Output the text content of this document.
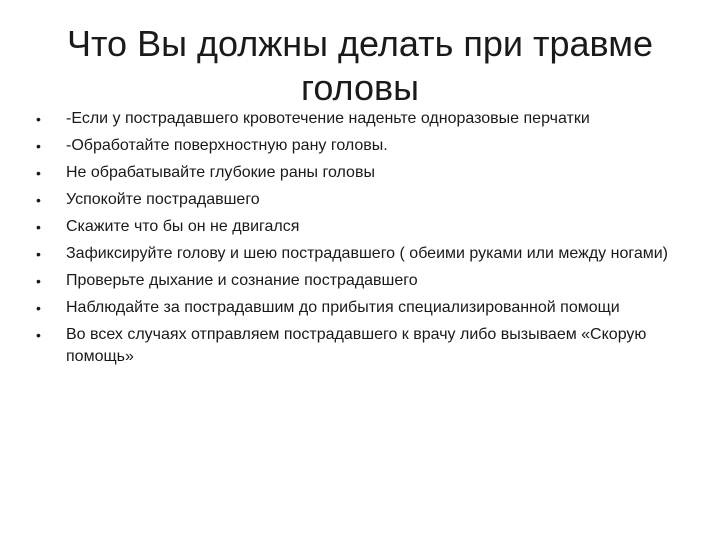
Что Вы должны делать при травме головы
• -Если у пострадавшего кровотечение наденьте одноразовые перчатки
• -Обработайте поверхностную рану головы.
• Не обрабатывайте глубокие раны головы
• Успокойте пострадавшего
• Скажите что бы он не двигался
• Зафиксируйте голову и шею пострадавшего ( обеими руками или между ногами)
• Проверьте дыхание и сознание пострадавшего
• Наблюдайте за пострадавшим до прибытия специализированной помощи
• Во всех случаях отправляем пострадавшего к врачу либо вызываем «Скорую помощь»
